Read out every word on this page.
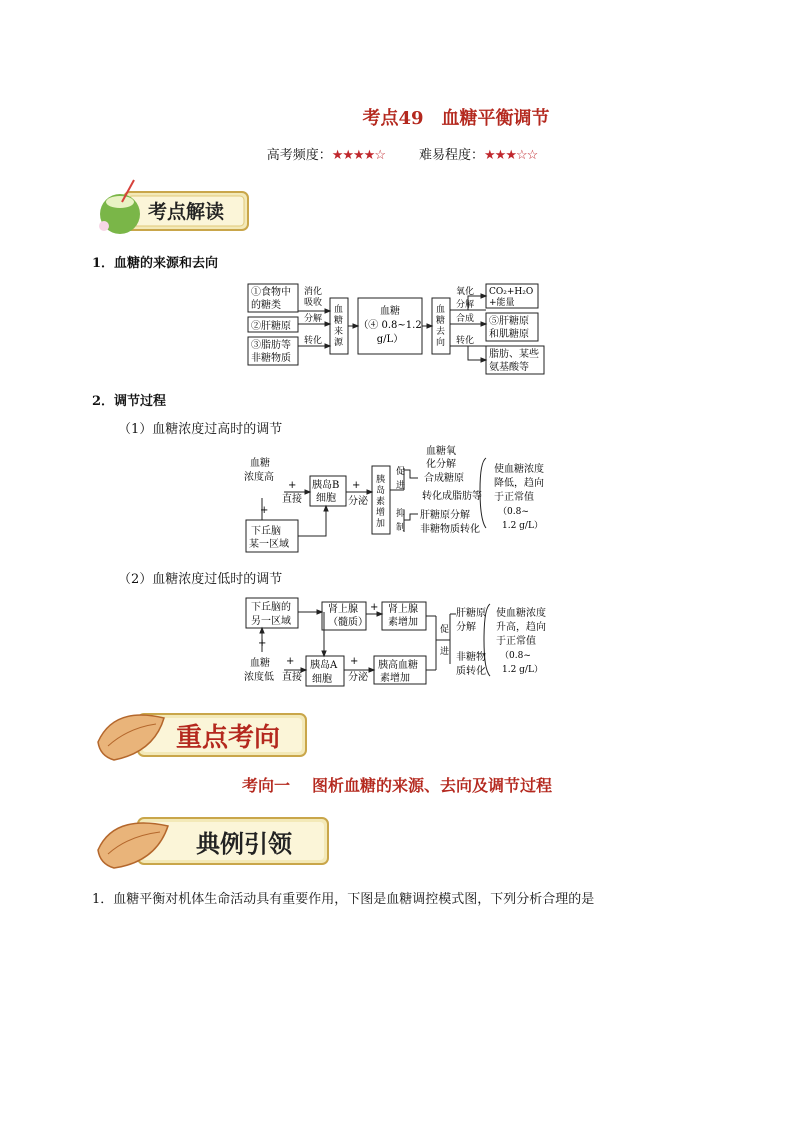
考点49 血糖平衡调节
高考频度：★★★★☆	难易程度：★★★☆☆
考点解读
1．血糖的来源和去向
①食物中
的糖类
②肝糖原
③脂肪等
非糖物质
消化
吸收
分解
转化
血
糖
来
源
血糖
（④ 0.8~1.2
g/L）
血
糖
去
向
氧化
分解
合成
转化
CO₂+H₂O
+能量
⑤肝糖原
和肌糖原
脂肪、某些
氨基酸等
2．调节过程
（1）血糖浓度过高时的调节
血糖
浓度高
+
+
直接
+
分泌
下丘脑
某一区域
胰岛B
细胞
胰
岛
素
增
加
促
进
抑
制
血糖氧
化分解
合成糖原
转化成脂肪等
肝糖原分解
非糖物质转化
使血糖浓度
降低，趋向
于正常值
（0.8~
1.2 g/L）
（2）血糖浓度过低时的调节
下丘脑的
另一区域
肾上腺
（髓质）
+ 肾上腺
素增加
+
血糖
浓度低
+
直接
胰岛A
细胞
+
分泌
胰高血糖
素增加
促
进
肝糖原
分解
非糖物
质转化
使血糖浓度
升高，趋向
于正常值
（0.8~
1.2 g/L）
重点考向
考向一 图析血糖的来源、去向及调节过程
典例引领
1．血糖平衡对机体生命活动具有重要作用，下图是血糖调控模式图，下列分析合理的是
